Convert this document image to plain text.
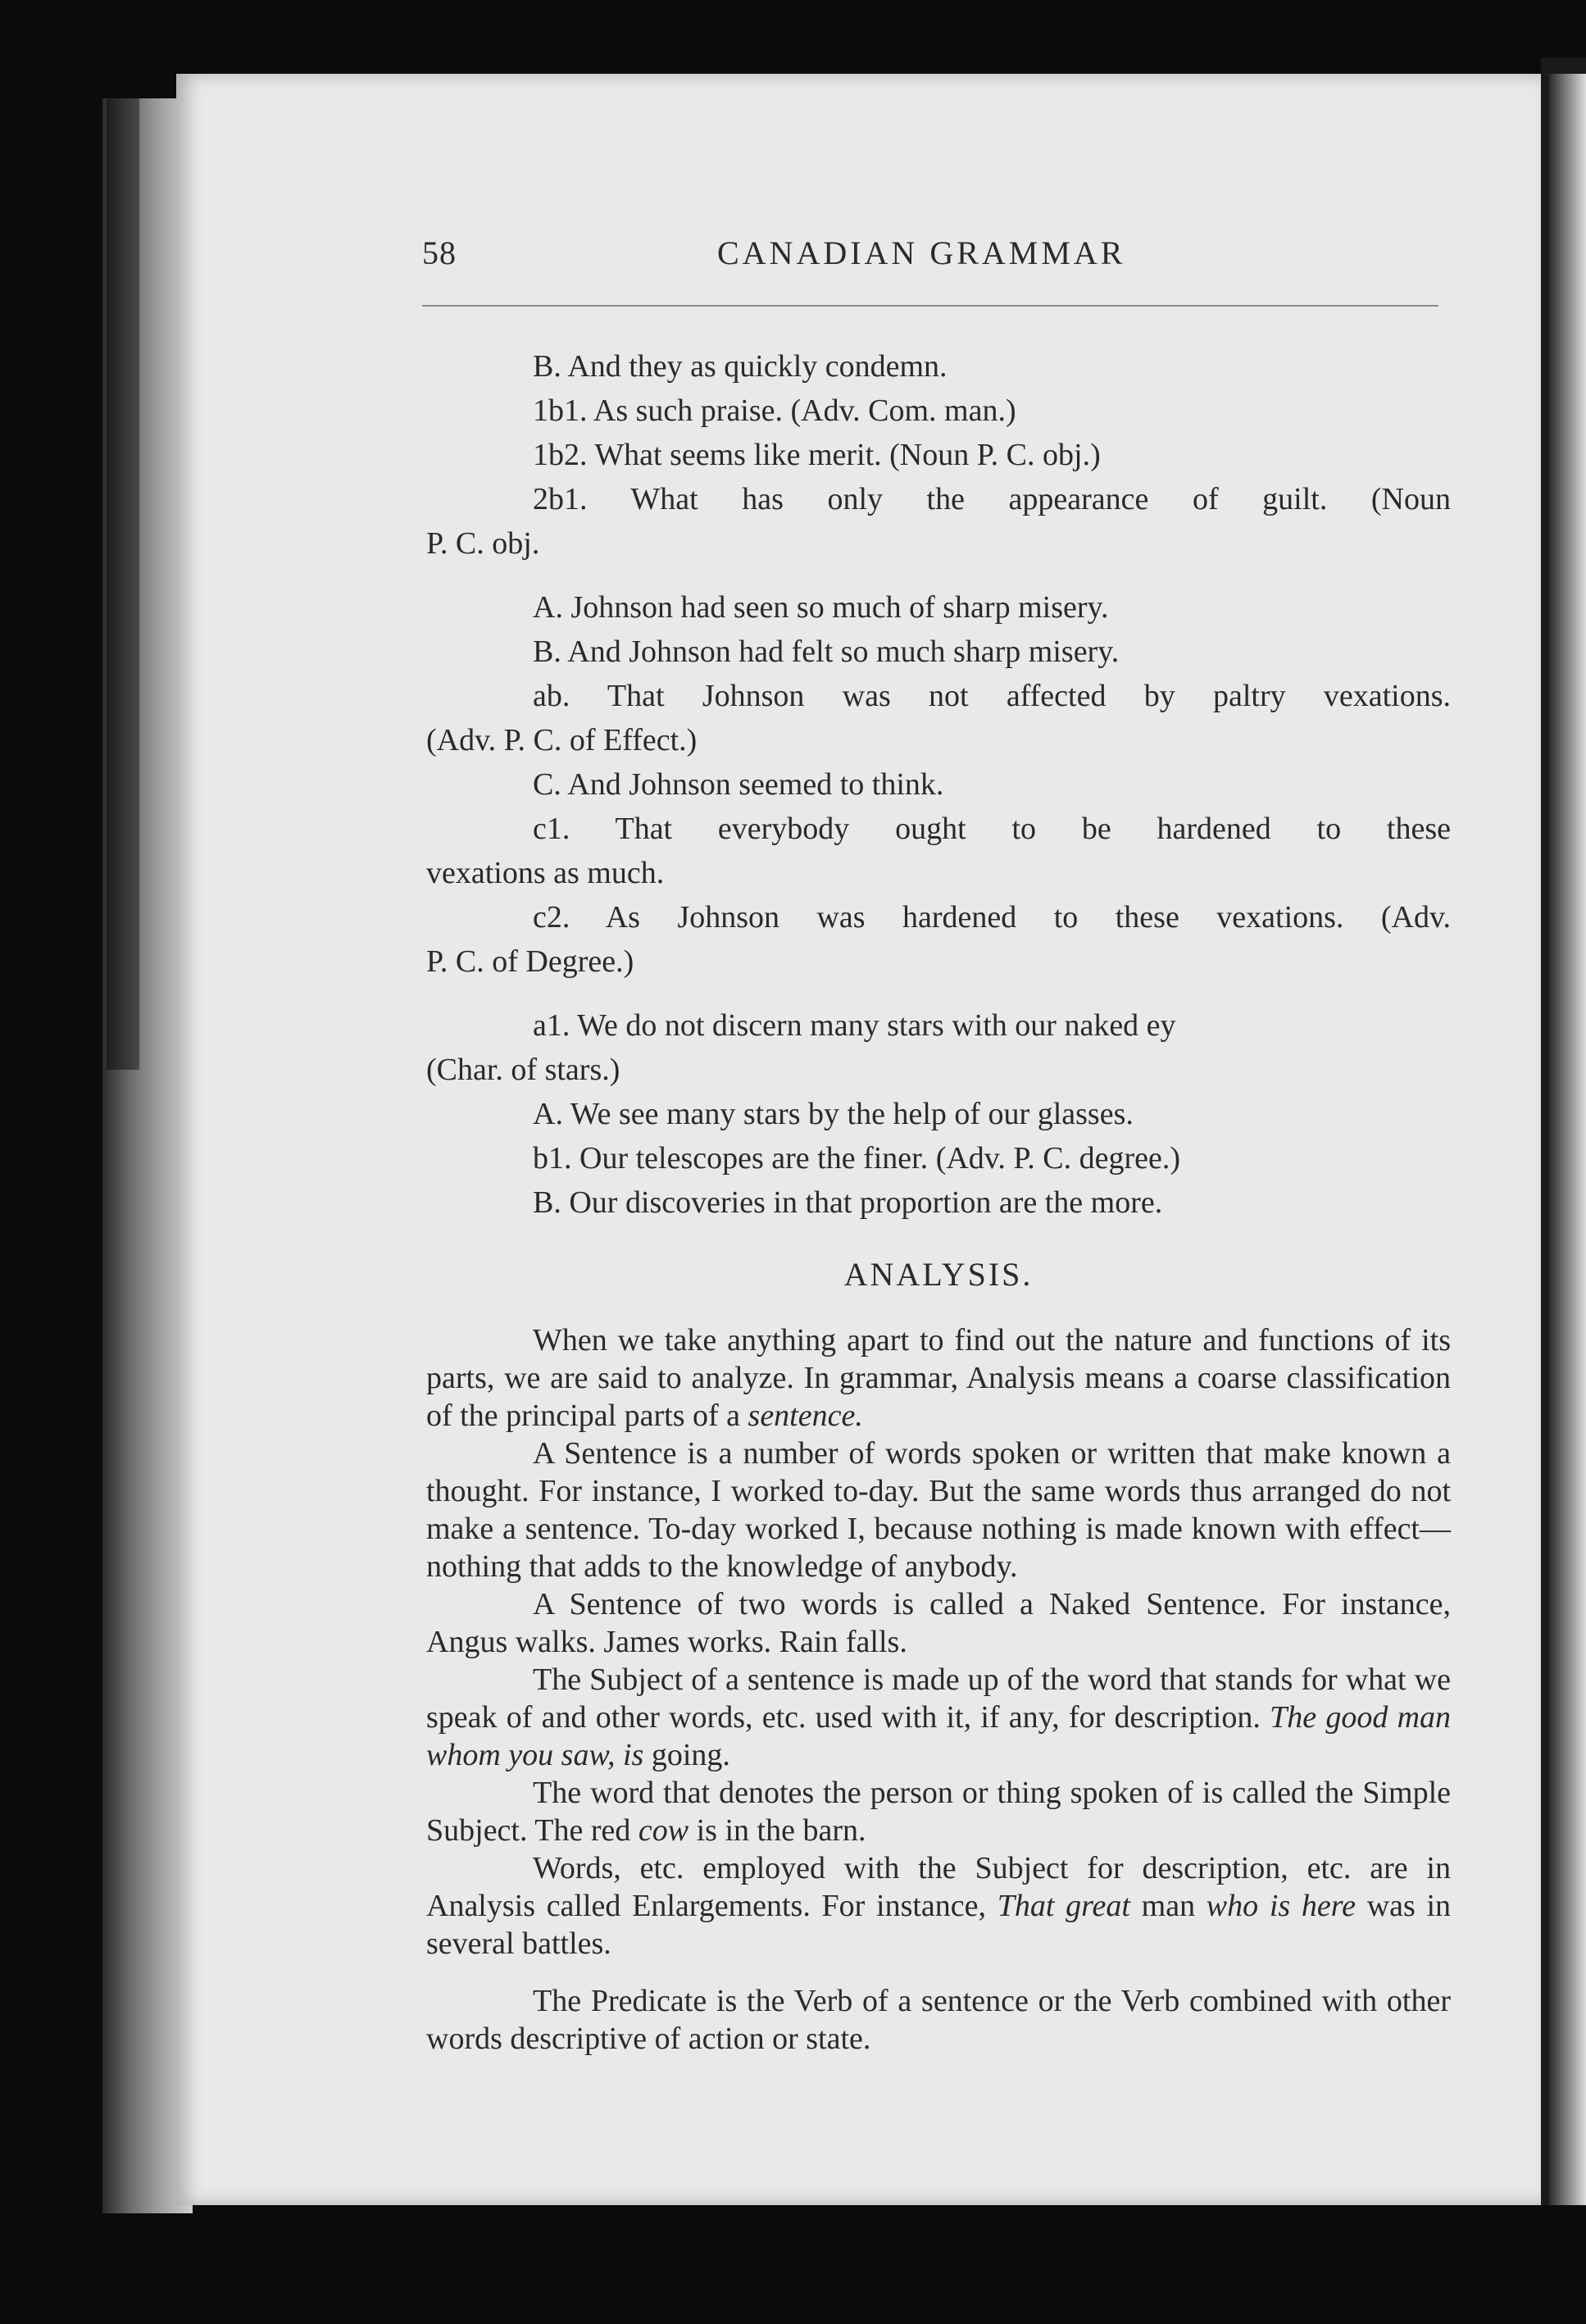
58	CANADIAN GRAMMAR

B. And they as quickly condemn.

1b1. As such praise. (Adv. Com. man.)

1b2. What seems like merit. (Noun P. C. obj.)

2b1. What has only the appearance of guilt. (Noun

P. C. obj.

A. Johnson had seen so much of sharp misery.

B. And Johnson had felt so much sharp misery.

ab. That Johnson was not affected by paltry vexations.

(Adv. P. C. of Effect.)

C. And Johnson seemed to think.

c1. That everybody ought to be hardened to these

vexations as much.

c2. As Johnson was hardened to these vexations. (Adv.

P. C. of Degree.)

a1. We do not discern many stars with our naked ey

(Char. of stars.)

A. We see many stars by the help of our glasses.

b1. Our telescopes are the finer. (Adv. P. C. degree.)

B. Our discoveries in that proportion are the more.

ANALYSIS.

When we take anything apart to find out the nature and functions of its parts, we are said to analyze. In grammar, Analysis means a coarse classification of the principal parts of a sentence.

A Sentence is a number of words spoken or written that make known a thought. For instance, I worked to-day. But the same words thus arranged do not make a sentence. To-day worked I, because nothing is made known with effect—nothing that adds to the knowledge of anybody.

A Sentence of two words is called a Naked Sentence. For instance, Angus walks. James works. Rain falls.

The Subject of a sentence is made up of the word that stands for what we speak of and other words, etc. used with it, if any, for description. The good man whom you saw, is going.

The word that denotes the person or thing spoken of is called the Simple Subject. The red cow is in the barn.

Words, etc. employed with the Subject for description, etc. are in Analysis called Enlargements. For instance, That great man who is here was in several battles.

The Predicate is the Verb of a sentence or the Verb combined with other words descriptive of action or state.
